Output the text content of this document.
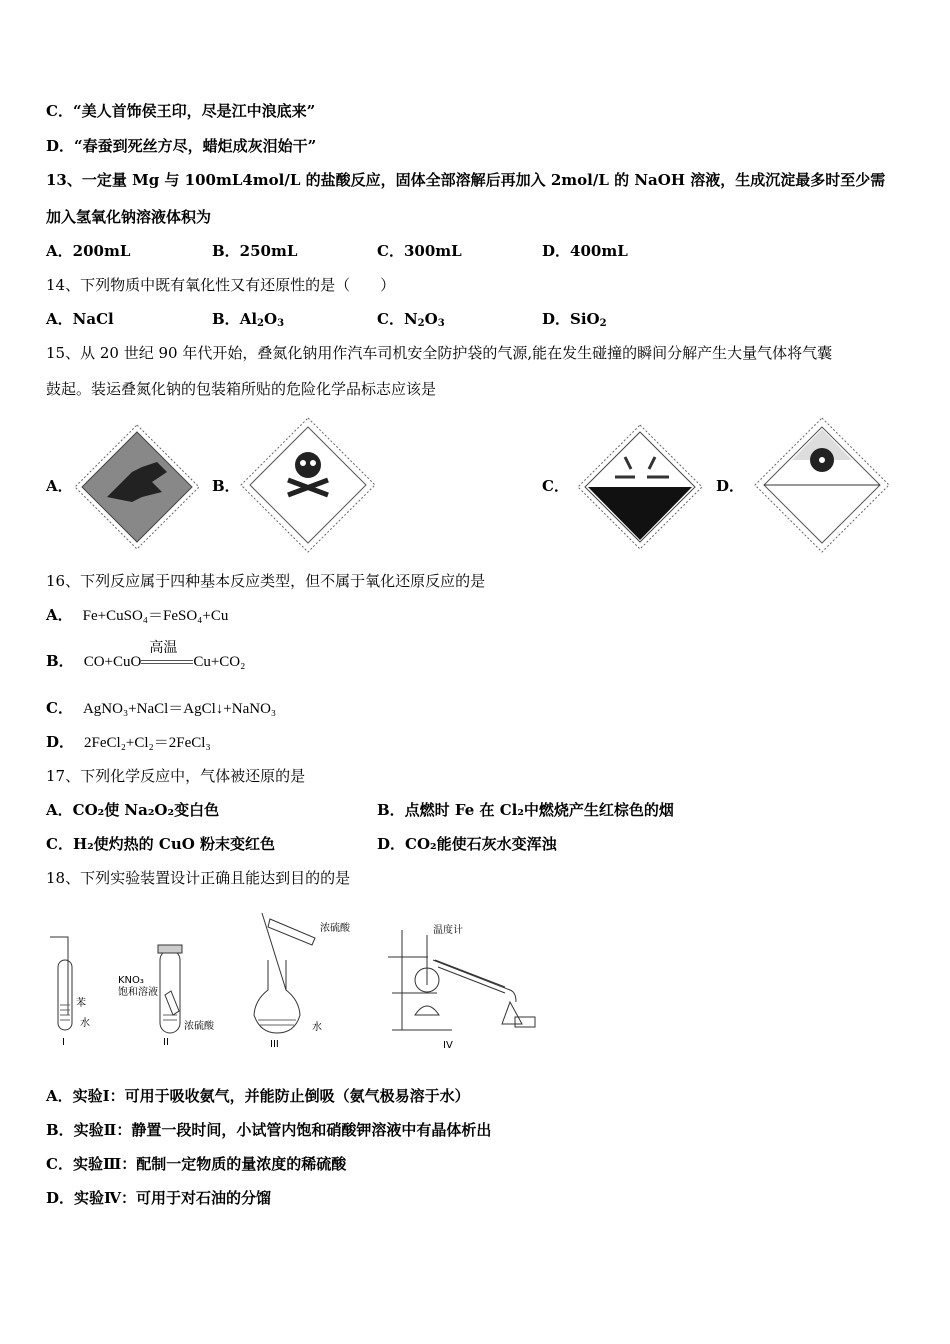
C．“美人首饰侯王印，尽是江中浪底来”
D．“春蚕到死丝方尽，蜡炬成灰泪始干”
13、一定量 Mg 与 100mL4mol/L 的盐酸反应，固体全部溶解后再加入 2mol/L 的 NaOH 溶液，生成沉淀最多时至少需
加入氢氧化钠溶液体积为
A．200mL	B．250mL	C．300mL	D．400mL
14、下列物质中既有氧化性又有还原性的是（　　）
A．NaCl	B．$Al_2O_3$	C．$N_2O_3$	D．SiO$_2$
15、从 20 世纪 90 年代开始，叠氮化钠用作汽车司机安全防护袋的气源,能在发生碰撞的瞬间分解产生大量气体将气囊
鼓起。装运叠氮化钠的包装箱所贴的危险化学品标志应该是
A．	B．	C．	D．
16、下列反应属于四种基本反应类型，但不属于氧化还原反应的是
A． Fe+CuSO₄＝FeSO₄+Cu
B． CO+CuO
高温
Cu+CO₂
C． AgNO₃+NaCl＝AgCl↓+NaNO₃
D． 2FeCl₂+Cl₂＝2FeCl₃
17、下列化学反应中，气体被还原的是
A．CO₂使 Na₂O₂变白色	B．点燃时 Fe 在 Cl₂中燃烧产生红棕色的烟
C．H₂使灼热的 CuO 粉末变红色	D．CO₂能使石灰水变浑浊
18、下列实验装置设计正确且能达到目的的是
苯
水
I
KNO₃
饱和溶液
浓硫酸
II
浓硫酸
水
III
温度计
IV
A．实验Ⅰ：可用于吸收氨气，并能防止倒吸（氨气极易溶于水）
B．实验Ⅱ：静置一段时间，小试管内饱和硝酸钾溶液中有晶体析出
C．实验Ⅲ：配制一定物质的量浓度的稀硫酸
D．实验Ⅳ：可用于对石油的分馏
